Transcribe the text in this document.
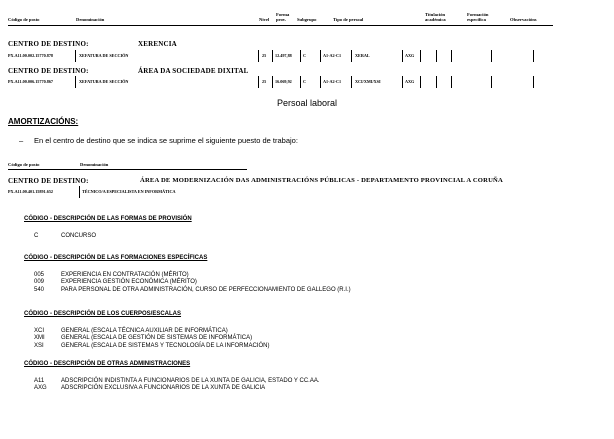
Código de posto	Denominación	Nivel
Forma
prov. Subgrupo	Tipo de persoal
Titulación
académica
Formación
específica	Observacións
CENTRO DE DESTINO:	XERENCIA
PX.A11.00.002.15770.878	XEFATURA DE SECCIÓN	25 12.497,88	C	A1-A2-C1	XERAL	AXG
CENTRO DE DESTINO:	ÁREA DA SOCIEDADE DIXITAL
PX.A11.00.006.15770.867	XEFATURA DE SECCIÓN	25 16.069,92	C	A1-A2-C1	XCI/XMI/XSI	AXG
Persoal laboral
AMORTIZACIÓNS:
– En el centro de destino que se indica se suprime el siguiente puesto de trabajo:
Código de posto	Denominación
CENTRO DE DESTINO:	ÁREA DE MODERNIZACIÓN DAS ADMINISTRACIÓNS PÚBLICAS - DEPARTAMENTO PROVINCIAL A CORUÑA
PX.A11.00.401.15891.652	TÉCNICO/A ESPECIALISTA EN INFORMÁTICA
CÓDIGO - DESCRIPCIÓN DE LAS FORMAS DE PROVISIÓN
C	CONCURSO
CÓDIGO - DESCRIPCIÓN DE LAS FORMACIONES ESPECÍFICAS
005	EXPERIENCIA EN CONTRATACIÓN (MÉRITO)
009	EXPERIENCIA GESTIÓN ECONÓMICA (MÉRITO)
540	PARA PERSONAL DE OTRA ADMINISTRACIÓN, CURSO DE PERFECCIONAMIENTO DE GALLEGO (R.I.)
CÓDIGO - DESCRIPCIÓN DE LOS CUERPOS/ESCALAS
XCI	GENERAL (ESCALA TÉCNICA AUXILIAR DE INFORMÁTICA)
XMI	GENERAL (ESCALA DE GESTIÓN DE SISTEMAS DE INFORMÁTICA)
XSI	GENERAL (ESCALA DE SISTEMAS Y TECNOLOGÍA DE LA INFORMACIÓN)
CÓDIGO - DESCRIPCIÓN DE OTRAS ADMINISTRACIONES
A11	ADSCRIPCIÓN INDISTINTA A FUNCIONARIOS DE LA XUNTA DE GALICIA, ESTADO Y CC.AA.
AXG ADSCRIPCIÓN EXCLUSIVA A FUNCIONARIOS DE LA XUNTA DE GALICIA
